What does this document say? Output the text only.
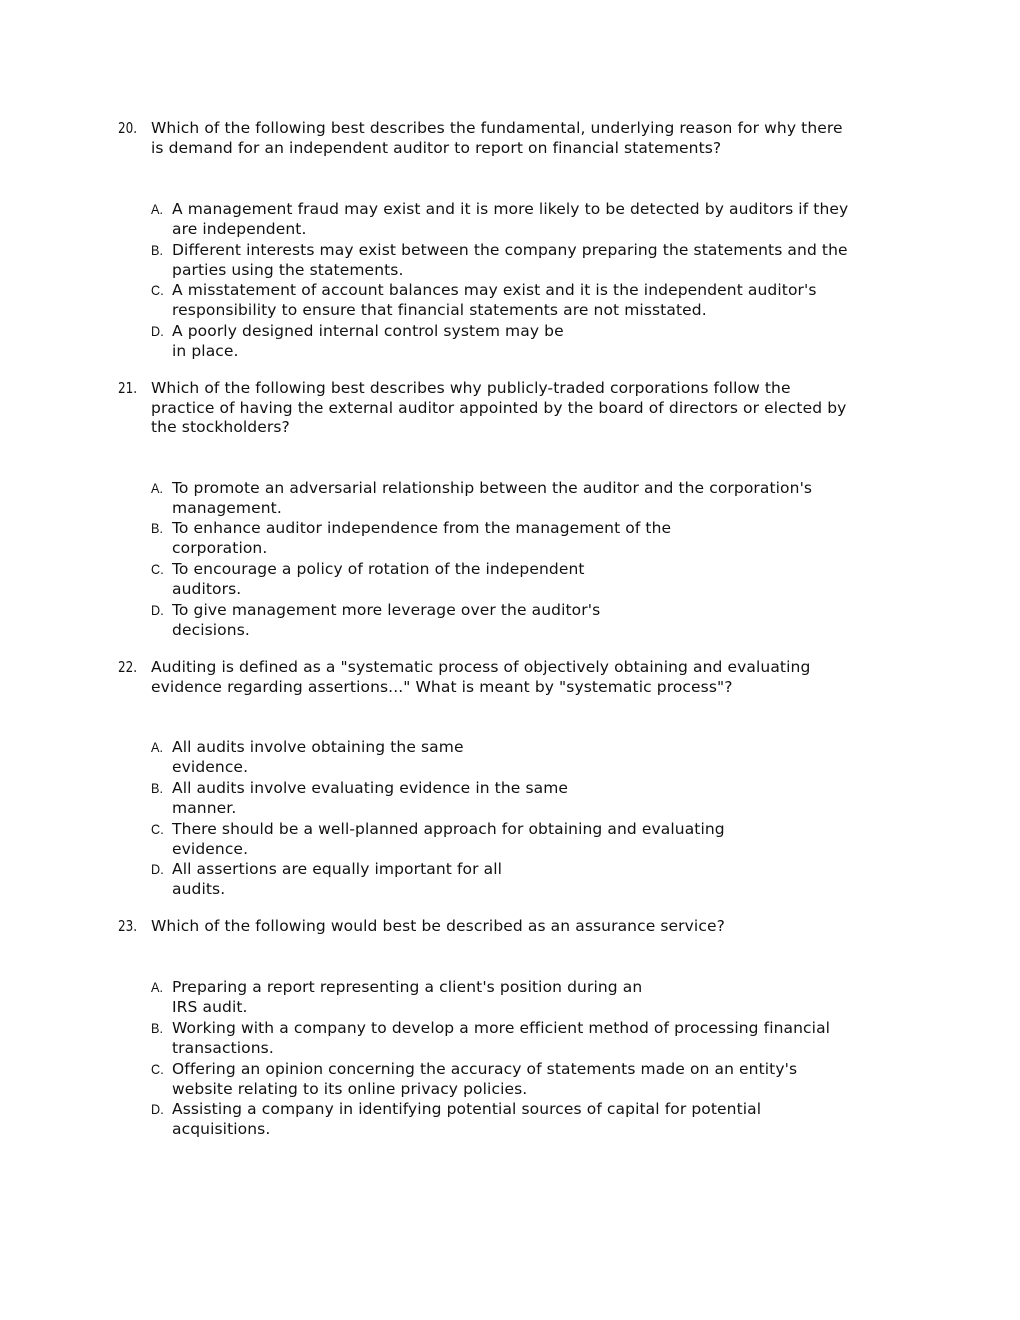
20. Which of the following best describes the fundamental, underlying reason for why there
is demand for an independent auditor to report on financial statements?
A. A management fraud may exist and it is more likely to be detected by auditors if they
are independent.
B. Different interests may exist between the company preparing the statements and the
parties using the statements.
C. A misstatement of account balances may exist and it is the independent auditor's
responsibility to ensure that financial statements are not misstated.
D. A poorly designed internal control system may be
in place.
21. Which of the following best describes why publicly-traded corporations follow the
practice of having the external auditor appointed by the board of directors or elected by
the stockholders?
A. To promote an adversarial relationship between the auditor and the corporation's
management.
B. To enhance auditor independence from the management of the
corporation.
C. To encourage a policy of rotation of the independent
auditors.
D. To give management more leverage over the auditor's
decisions.
22. Auditing is defined as a "systematic process of objectively obtaining and evaluating
evidence regarding assertions..." What is meant by "systematic process"?
A. All audits involve obtaining the same
evidence.
B. All audits involve evaluating evidence in the same
manner.
C. There should be a well-planned approach for obtaining and evaluating
evidence.
D. All assertions are equally important for all
audits.
23. Which of the following would best be described as an assurance service?
A. Preparing a report representing a client's position during an
IRS audit.
B. Working with a company to develop a more efficient method of processing financial
transactions.
C. Offering an opinion concerning the accuracy of statements made on an entity's
website relating to its online privacy policies.
D. Assisting a company in identifying potential sources of capital for potential
acquisitions.
